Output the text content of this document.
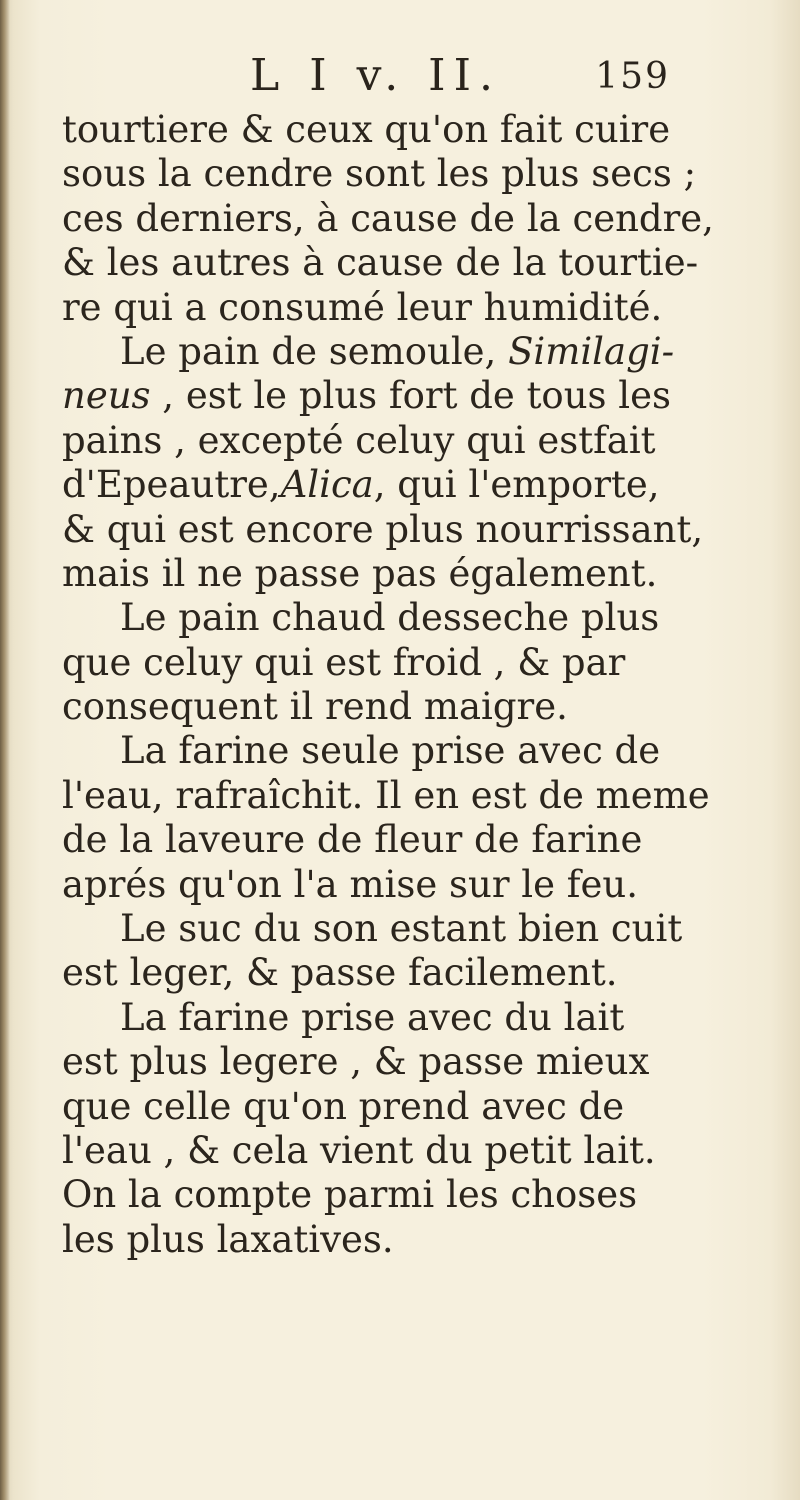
L I v. II.	159
tourtiere & ceux qu'on fait cuire
sous la cendre sont les plus secs ;
ces derniers, à cause de la cendre,
& les autres à cause de la tourtie-
re qui a consumé leur humidité.
Le pain de semoule, Similagi-
neus , est le plus fort de tous les
pains , excepté celuy qui estfait
d'Epeautre,Alica, qui l'emporte,
& qui est encore plus nourrissant,
mais il ne passe pas également.
Le pain chaud desseche plus
que celuy qui est froid , & par
consequent il rend maigre.
La farine seule prise avec de
l'eau, rafraîchit. Il en est de meme
de la laveure de fleur de farine
aprés qu'on l'a mise sur le feu.
Le suc du son estant bien cuit
est leger, & passe facilement.
La farine prise avec du lait
est plus legere , & passe mieux
que celle qu'on prend avec de
l'eau , & cela vient du petit lait.
On la compte parmi les choses
les plus laxatives.
